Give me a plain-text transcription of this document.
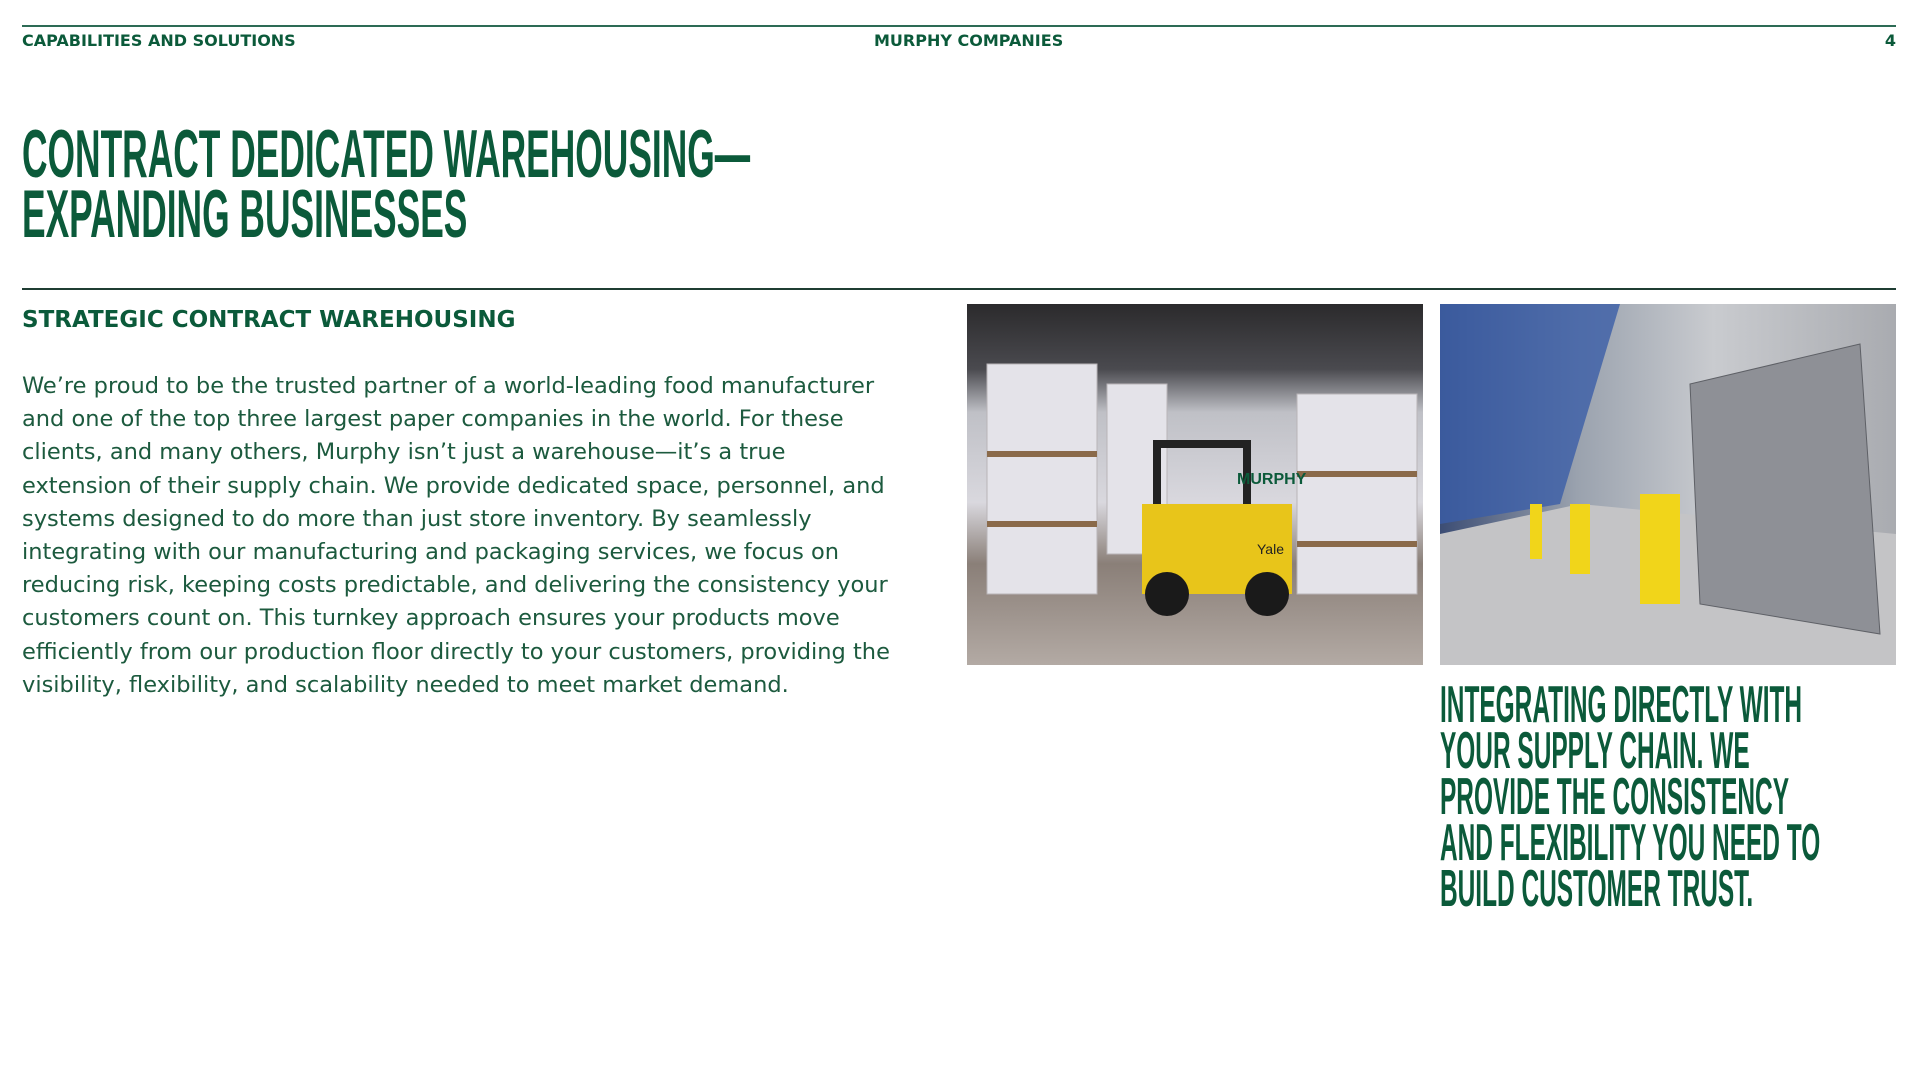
CAPABILITIES AND SOLUTIONS	MURPHY COMPANIES	4
CONTRACT DEDICATED WAREHOUSING—
EXPANDING BUSINESSES
STRATEGIC CONTRACT WAREHOUSING
We’re proud to be the trusted partner of a world-leading food manufacturer and one of the top three largest paper companies in the world. For these clients, and many others, Murphy isn’t just a warehouse—it’s a true extension of their supply chain. We provide dedicated space, personnel, and systems designed to do more than just store inventory. By seamlessly integrating with our manufacturing and packaging services, we focus on reducing risk, keeping costs predictable, and delivering the consistency your customers count on. This turnkey approach ensures your products move efficiently from our production floor directly to your customers, providing the visibility, flexibility, and scalability needed to meet market demand.
MURPHY
Yale
INTEGRATING DIRECTLY WITH
YOUR SUPPLY CHAIN. WE
PROVIDE THE CONSISTENCY
AND FLEXIBILITY YOU NEED TO
BUILD CUSTOMER TRUST.
